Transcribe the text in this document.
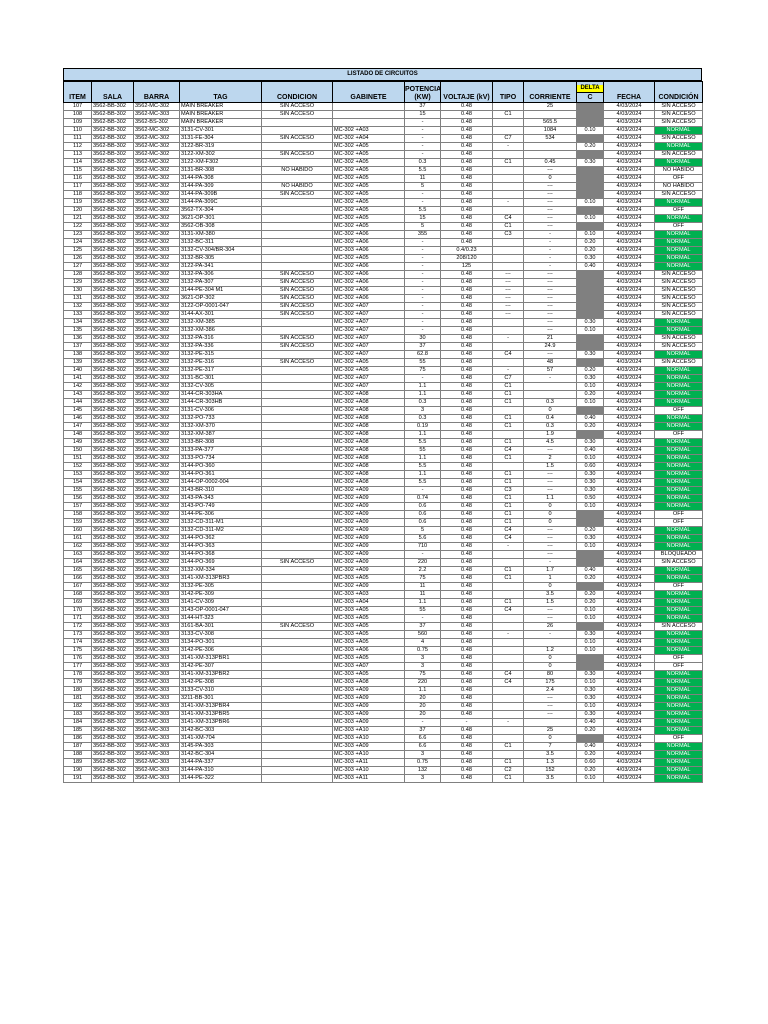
LISTADO DE CIRCUITOS
ITEM	SALA	BARRA	TAG	CONDICION	GABINETE	POTENCIA (KW)	VOLTAJE (kV)	TIPO	CORRIENTE	DELTA
C	FECHA	CONDICIÓN
107	3562-BB-302	3562-MC-302	MAIN BREAKER	SIN ACCESO		37	0.48		25		4/03/2024	SIN ACCESO
108	3562-BB-302	3562-MC-303	MAIN BREAKER	SIN ACCESO		15	0.48	C1			4/03/2024	SIN ACCESO
109	3562-BB-302	3562-BS-302	MAIN BREAKER			-	0.48		565.5		4/03/2024	SIN ACCESO
110	3562-BB-302	3562-MC-302	3131-CV-301		MC-302 +A03	-	0.48		1084	0.10	4/03/2024	NORMAL
111	3562-BB-302	3562-MC-302	3131-FE-304	SIN ACCESO	MC-302 +A04	-	0.48	C7	534		4/03/2024	SIN ACCESO
112	3562-BB-302	3562-MC-302	3122-BR-319		MC-302 +A05	-	0.48	-		0.20	4/03/2024	NORMAL
113	3562-BB-302	3562-MC-302	3122-XM-302	SIN ACCESO	MC-302 +A05	-	0.48				4/03/2024	SIN ACCESO
114	3562-BB-302	3562-MC-302	3122-XM-F302		MC-302 +A05	0.3	0.48	C1	0.45	0.30	4/03/2024	NORMAL
115	3562-BB-302	3562-MC-302	3131-BR-308	NO HABIDO	MC-302 +A05	5.5	0.48		---		4/03/2024	NO HABIDO
116	3562-BB-302	3562-MC-302	3144-PA-308		MC-302 +A05	11	0.48		0		4/03/2024	OFF
117	3562-BB-302	3562-MC-302	3144-PA-309	NO HABIDO	MC-302 +A05	5	0.48		---		4/03/2024	NO HABIDO
118	3562-BB-302	3562-MC-302	3144-PA-309B	SIN ACCESO	MC-302 +A05	-	0.48		---		4/03/2024	SIN ACCESO
119	3562-BB-302	3562-MC-302	3144-PA-309C		MC-302 +A05	-	0.48	-	---	0.10	4/03/2024	NORMAL
120	3562-BB-302	3562-MC-302	3562-TX-304		MC-302 +A05	5.5	0.48		---		4/03/2024	OFF
121	3562-BB-302	3562-MC-302	3621-OP-301		MC-302 +A05	15	0.48	C4	---	0.10	4/03/2024	NORMAL
122	3562-BB-302	3562-MC-302	3562-OB-308		MC-302 +A05	5	0.48	C1	---		4/03/2024	OFF
123	3562-BB-302	3562-MC-302	3131-XM-380		MC-302 +A06	355	0.48	C3	-	0.10	4/03/2024	NORMAL
124	3562-BB-302	3562-MC-302	3132-BC-311		MC-302 +A06	-	0.48		-	0.20	4/03/2024	NORMAL
125	3562-BB-302	3562-MC-303	3132-CV-304/BR-304		MC-303 +A06	-	0.4/0.23		-	0.20	4/03/2024	NORMAL
126	3562-BB-302	3562-MC-302	3132-BR-305		MC-302 +A05	-	208/120		-	0.30	4/03/2024	NORMAL
127	3562-BB-302	3562-MC-302	3122-PA-341		MC-302 +A06	-	125		-	0.40	4/03/2024	NORMAL
128	3562-BB-302	3562-MC-302	3132-PA-306	SIN ACCESO	MC-302 +A06	-	0.48	---	---		4/03/2024	SIN ACCESO
129	3562-BB-302	3562-MC-302	3132-PA-307	SIN ACCESO	MC-302 +A06	-	0.48	---	---		4/03/2024	SIN ACCESO
130	3562-BB-302	3562-MC-302	3144-PE-304 M1	SIN ACCESO	MC-302 +A06	-	0.48	---	---		4/03/2024	SIN ACCESO
131	3562-BB-302	3562-MC-302	3621-OP-302	SIN ACCESO	MC-302 +A06	-	0.48	---	---		4/03/2024	SIN ACCESO
132	3562-BB-302	3562-MC-302	3122-OP-0001-047	SIN ACCESO	MC-302 +A07	-	0.48	---	---		4/03/2024	SIN ACCESO
133	3562-BB-302	3562-MC-302	3144-AX-301	SIN ACCESO	MC-302 +A07	-	0.48	---	---		4/03/2024	SIN ACCESO
134	3562-BB-302	3562-MC-302	3132-XM-385		MC-302 +A07	-	0.48		---	0.30	4/03/2024	NORMAL
135	3562-BB-302	3562-MC-302	3132-XM-386		MC-302 +A07	-	0.48		---	0.10	4/03/2024	NORMAL
136	3562-BB-302	3562-MC-302	3132-PA-316	SIN ACCESO	MC-302 +A07	30	0.48	-	21		4/03/2024	SIN ACCESO
137	3562-BB-302	3562-MC-302	3132-PA-336	SIN ACCESO	MC-302 +A07	37	0.48		24.9		4/03/2024	SIN ACCESO
138	3562-BB-302	3562-MC-302	3132-PE-315		MC-302 +A07	62.8	0.48	C4	---	0.30	4/03/2024	NORMAL
139	3562-BB-302	3562-MC-302	3132-PE-316	SIN ACCESO	MC-302 +A05	55	0.48		48		4/03/2024	SIN ACCESO
140	3562-BB-302	3562-MC-302	3132-PE-317		MC-302 +A05	75	0.48	-	57	0.20	4/03/2024	NORMAL
141	3562-BB-302	3562-MC-302	3131-BC-301		MC-302 +A07	-	0.48	C7	-	0.30	4/03/2024	NORMAL
142	3562-BB-302	3562-MC-302	3132-CV-305		MC-302 +A07	1.1	0.48	C1		0.10	4/03/2024	NORMAL
143	3562-BB-302	3562-MC-302	3144-CR-303HA		MC-302 +A08	1.1	0.48	C1		0.20	4/03/2024	NORMAL
144	3562-BB-302	3562-MC-302	3144-CR-303HB		MC-302 +A08	0.3	0.48	C1	0.3	0.10	4/03/2024	NORMAL
145	3562-BB-302	3562-MC-302	3131-CV-306		MC-302 +A08	3	0.48		0		4/03/2024	OFF
146	3562-BB-302	3562-MC-302	3132-PO-733		MC-302 +A08	0.3	0.48	C1	0.4	0.40	4/03/2024	NORMAL
147	3562-BB-302	3562-MC-302	3132-XM-370		MC-302 +A08	0.19	0.48	C1	0.3	0.20	4/03/2024	NORMAL
148	3562-BB-302	3562-MC-302	3132-XM-387		MC-302 +A08	1.1	0.48		1.9		4/03/2024	OFF
149	3562-BB-302	3562-MC-302	3133-BR-308		MC-302 +A08	5.5	0.48	C1	4.5	0.30	4/03/2024	NORMAL
150	3562-BB-302	3562-MC-302	3133-PA-377		MC-302 +A08	55	0.48	C4	---	0.40	4/03/2024	NORMAL
151	3562-BB-302	3562-MC-302	3133-PO-734		MC-302 +A08	1.1	0.48	C1	2	0.10	4/03/2024	NORMAL
152	3562-BB-302	3562-MC-302	3144-PO-360		MC-302 +A08	5.5	0.48		1.5	0.60	4/03/2024	NORMAL
153	3562-BB-302	3562-MC-302	3144-PO-361		MC-302 +A08	1.1	0.48	C1	---	0.30	4/03/2024	NORMAL
154	3562-BB-302	3562-MC-302	3144-OP-0002-004		MC-302 +A08	5.5	0.48	C1	---	0.30	4/03/2024	NORMAL
155	3562-BB-302	3562-MC-302	3143-BR-310		MC-302 +A09	-	0.48	C3	---	0.30	4/03/2024	NORMAL
156	3562-BB-302	3562-MC-302	3143-PA-343		MC-302 +A09	0.74	0.48	C1	1.1	0.50	4/03/2024	NORMAL
157	3562-BB-302	3562-MC-302	3143-PO-749		MC-302 +A09	0.6	0.48	C1	0	0.10	4/03/2024	NORMAL
158	3562-BB-302	3562-MC-302	3144-PE-306		MC-302 +A09	0.6	0.48	C1	0		4/03/2024	OFF
159	3562-BB-302	3562-MC-302	3132-CD-311-M1		MC-302 +A09	0.6	0.48	C1	0		4/03/2024	OFF
160	3562-BB-302	3562-MC-302	3132-CD-311-M2		MC-302 +A09	5	0.48	C4	---	0.20	4/03/2024	NORMAL
161	3562-BB-302	3562-MC-302	3144-PO-362		MC-302 +A09	5.6	0.48	C4	---	0.30	4/03/2024	NORMAL
162	3562-BB-302	3562-MC-302	3144-PO-363		MC-302 +A09	710	0.48	-	---	0.10	4/03/2024	NORMAL
163	3562-BB-302	3562-MC-302	3144-PO-368		MC-302 +A09	-	0.48		---		4/03/2024	BLOQUEADO
164	3562-BB-302	3562-MC-302	3144-PO-369	SIN ACCESO	MC-302 +A09	220	0.48		-		4/03/2024	SIN ACCESO
165	3562-BB-302	3562-MC-302	3132-XM-334		MC-302 +A09	2.2	0.48	C1	1.7	0.40	4/03/2024	NORMAL
166	3562-BB-302	3562-MC-303	3141-XM-313PBR3		MC-303 +A05	75	0.48	C1	1	0.20	4/03/2024	NORMAL
167	3562-BB-302	3562-MC-302	3132-PE-305		MC-302 +A09	11	0.48		0		4/03/2024	OFF
168	3562-BB-302	3562-MC-303	3142-PE-309		MC-303 +A03	11	0.48		3.5	0.20	4/03/2024	NORMAL
169	3562-BB-302	3562-MC-303	3141-CV-309		MC-303 +A04	1.1	0.48	C1	1.5	0.20	4/03/2024	NORMAL
170	3562-BB-302	3562-MC-303	3143-OP-0001-047		MC-303 +A05	55	0.48	C4	---	0.10	4/03/2024	NORMAL
171	3562-BB-302	3562-MC-303	3144-HT-323		MC-303 +A05	-	0.48		---	0.10	4/03/2024	NORMAL
172	3562-BB-302	3562-MC-303	3161-BA-301	SIN ACCESO	MC-303 +A05	37	0.48		26		4/03/2024	SIN ACCESO
173	3562-BB-302	3562-MC-303	3133-CV-308		MC-303 +A05	560	0.48	-	-	0.30	4/03/2024	NORMAL
174	3562-BB-302	3562-MC-303	3134-PO-301		MC-303 +A05	4	0.48			0.10	4/03/2024	NORMAL
175	3562-BB-302	3562-MC-303	3142-PE-306		MC-303 +A06	0.75	0.48		1.2	0.10	4/03/2024	NORMAL
176	3562-BB-302	3562-MC-303	3141-XM-313PBR1		MC-303 +A05	3	0.48		0		4/03/2024	OFF
177	3562-BB-302	3562-MC-303	3142-PE-307		MC-303 +A07	3	0.48		0		4/03/2024	OFF
178	3562-BB-302	3562-MC-303	3141-XM-313PBR2		MC-303 +A05	75	0.48	C4	80	0.30	4/03/2024	NORMAL
179	3562-BB-302	3562-MC-303	3142-PE-308		MC-303 +A08	220	0.48	C4	175	0.10	4/03/2024	NORMAL
180	3562-BB-302	3562-MC-303	3133-CV-310		MC-303 +A09	1.1	0.48		2.4	0.30	4/03/2024	NORMAL
181	3562-BB-302	3562-MC-303	3211-BB-301		MC-303 +A09	20	0.48		---	0.30	4/03/2024	NORMAL
182	3562-BB-302	3562-MC-303	3141-XM-313PBR4		MC-303 +A09	20	0.48		---	0.10	4/03/2024	NORMAL
183	3562-BB-302	3562-MC-303	3141-XM-313PBR5		MC-303 +A09	20	0.48		---	0.30	4/03/2024	NORMAL
184	3562-BB-302	3562-MC-303	3141-XM-313PBR6		MC-303 +A09	-	-	-		0.40	4/03/2024	NORMAL
185	3562-BB-302	3562-MC-303	3142-BC-303		MC-303 +A10	37	0.48		25	0.20	4/03/2024	NORMAL
186	3562-BB-302	3562-MC-303	3141-XM-704		MC-303 +A10	6.6	0.48		0		4/03/2024	OFF
187	3562-BB-302	3562-MC-303	3145-PA-303		MC-303 +A09	6.6	0.48	C1	7	0.40	4/03/2024	NORMAL
188	3562-BB-302	3562-MC-303	3142-BC-304		MC-303 +A10	3	0.48		3.5	0.20	4/03/2024	NORMAL
189	3562-BB-302	3562-MC-303	3144-PA-337		MC-303 +A11	0.75	0.48	C1	1.3	0.60	4/03/2024	NORMAL
190	3562-BB-302	3562-MC-303	3144-PA-310		MC-303 +A10	132	0.48	C2	152	0.20	4/03/2024	NORMAL
191	3562-BB-302	3562-MC-303	3144-PE-322		MC-303 +A11	3	0.48	C1	3.5	0.10	4/03/2024	NORMAL
